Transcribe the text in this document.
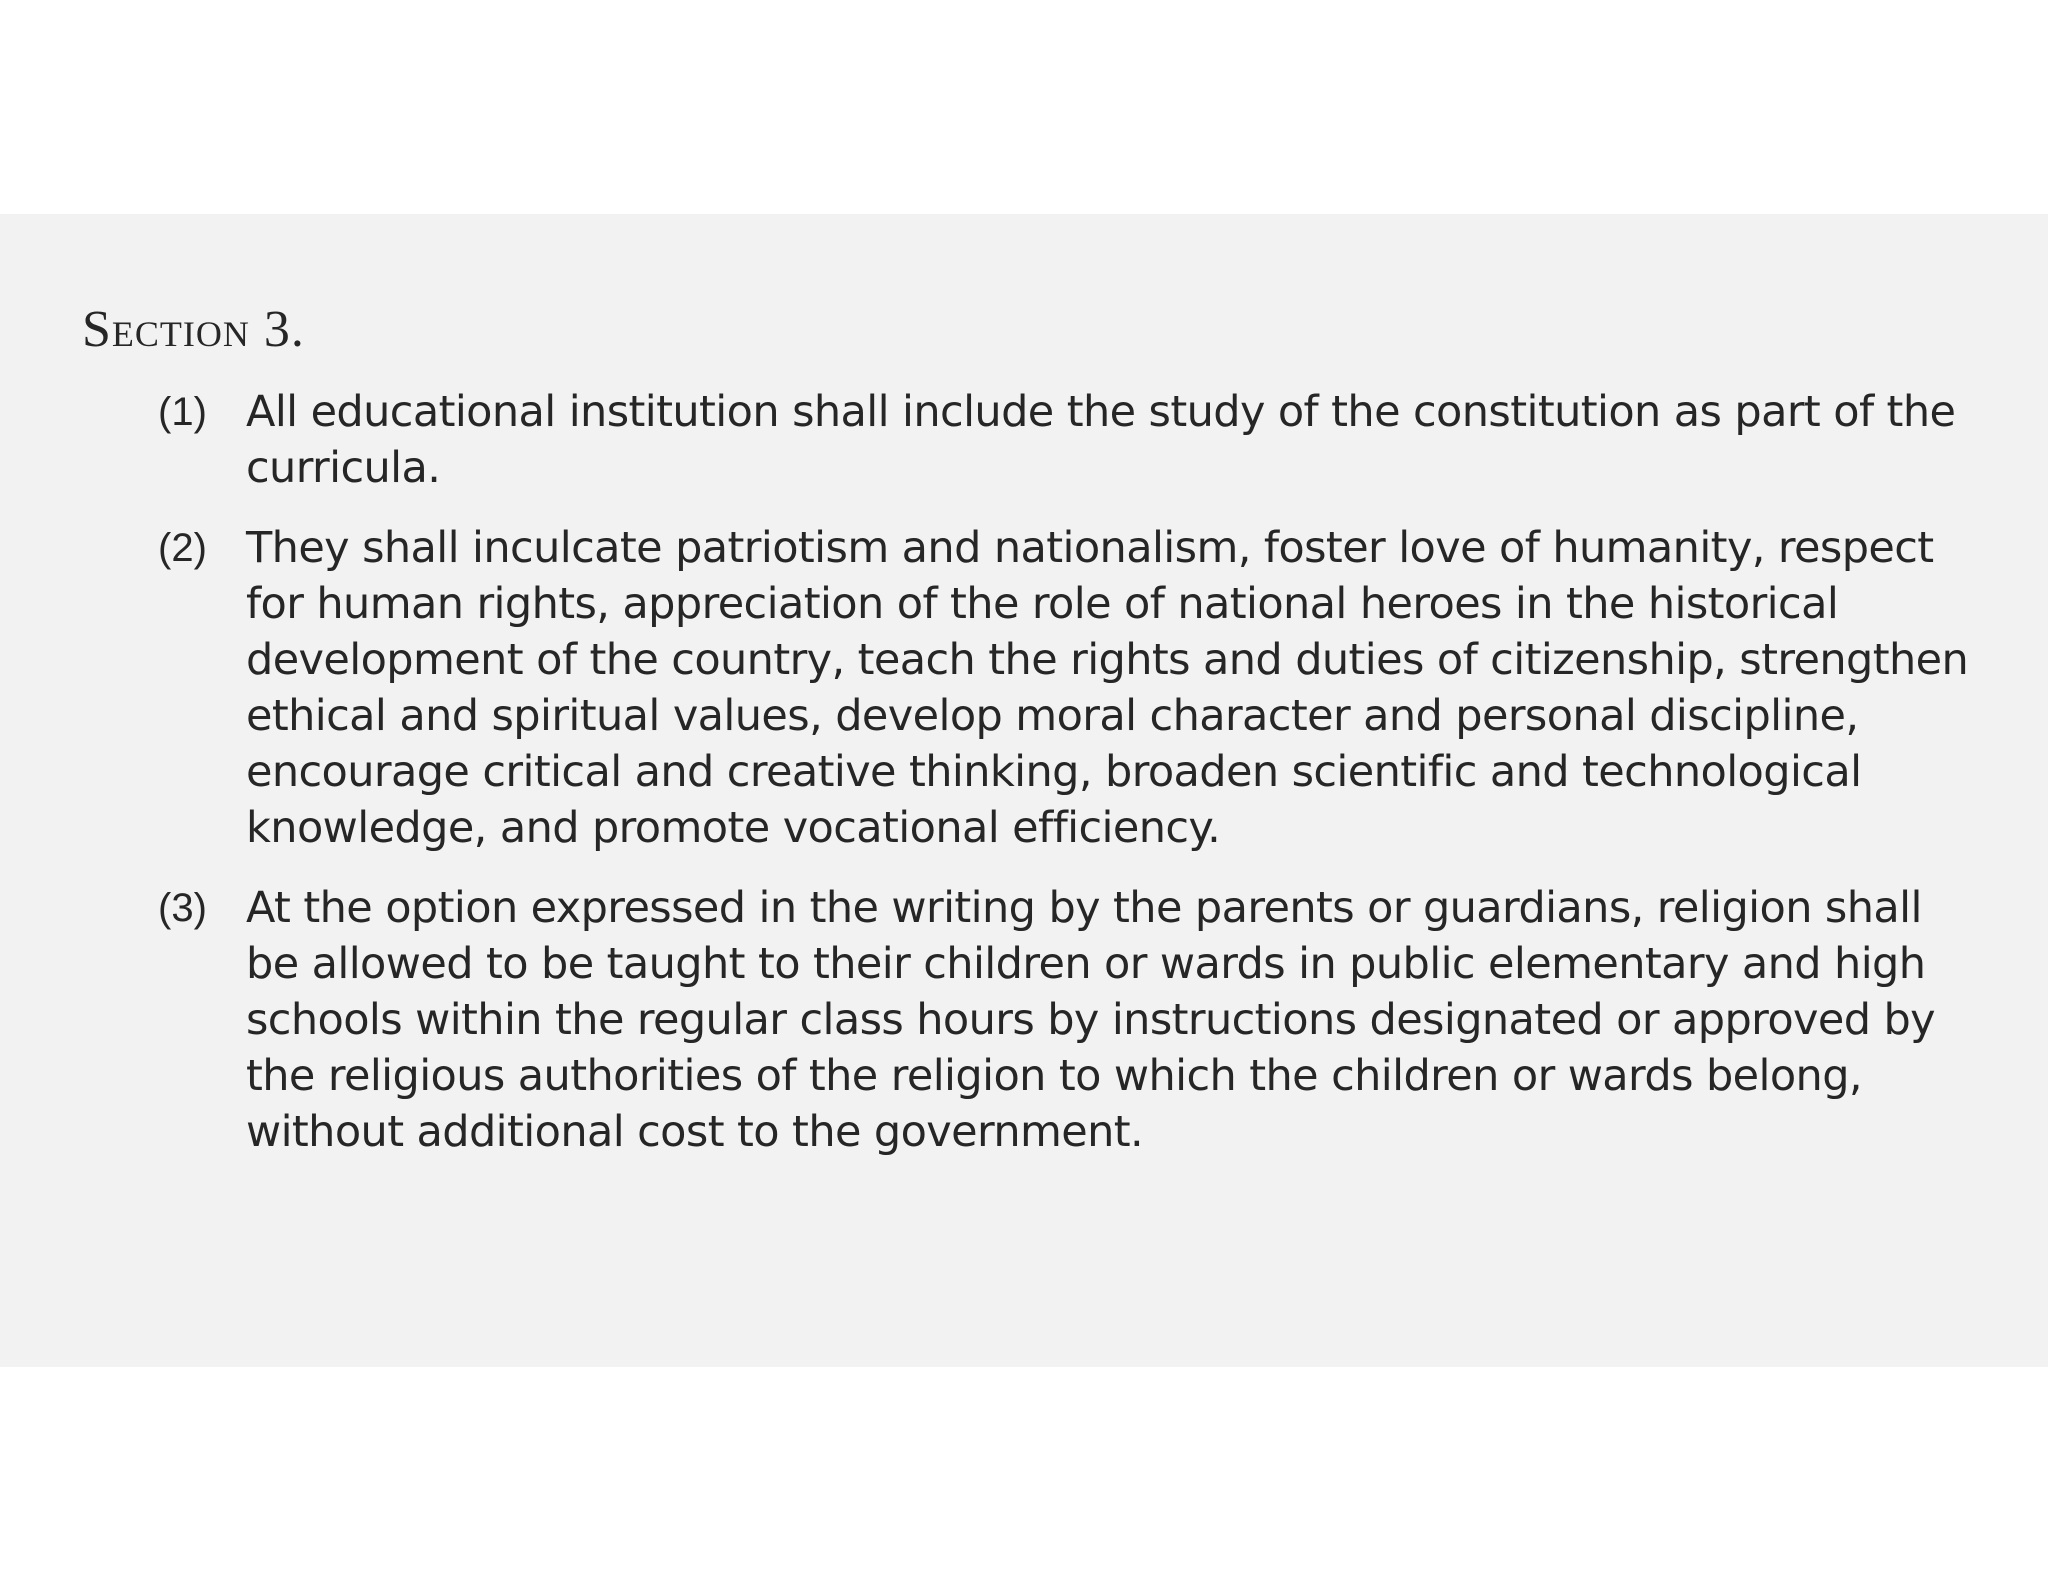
Section 3.
(1) All educational institution shall include the study of the constitution as part of the curricula.
(2) They shall inculcate patriotism and nationalism, foster love of humanity, respect for human rights, appreciation of the role of national heroes in the historical development of the country, teach the rights and duties of citizenship, strengthen ethical and spiritual values, develop moral character and personal discipline, encourage critical and creative thinking, broaden scientific and technological knowledge, and promote vocational efficiency.
(3) At the option expressed in the writing by the parents or guardians, religion shall be allowed to be taught to their children or wards in public elementary and high schools within the regular class hours by instructions designated or approved by the religious authorities of the religion to which the children or wards belong, without additional cost to the government.
